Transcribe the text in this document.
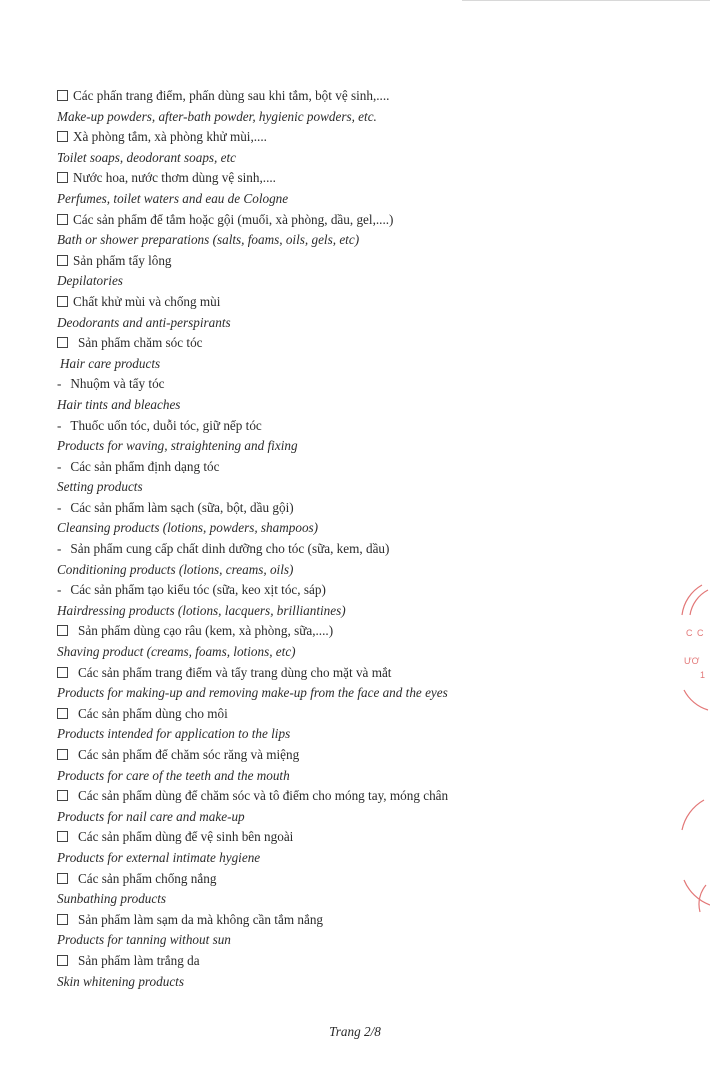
Các phấn trang điểm, phấn dùng sau khi tắm, bột vệ sinh,....
Make-up powders, after-bath powder, hygienic powders, etc.
Xà phòng tắm, xà phòng khử mùi,....
Toilet soaps, deodorant soaps, etc
Nước hoa, nước thơm dùng vệ sinh,....
Perfumes, toilet waters and eau de Cologne
Các sản phẩm để tắm hoặc gội (muối, xà phòng, dầu, gel,....)
Bath or shower preparations (salts, foams, oils, gels, etc)
Sản phẩm tẩy lông
Depilatories
Chất khử mùi và chống mùi
Deodorants and anti-perspirants
Sản phẩm chăm sóc tóc
Hair care products
- Nhuộm và tẩy tóc
Hair tints and bleaches
- Thuốc uốn tóc, duỗi tóc, giữ nếp tóc
Products for waving, straightening and fixing
- Các sản phẩm định dạng tóc
Setting products
- Các sản phẩm làm sạch (sữa, bột, dầu gội)
Cleansing products (lotions, powders, shampoos)
- Sản phẩm cung cấp chất dinh dưỡng cho tóc (sữa, kem, dầu)
Conditioning products (lotions, creams, oils)
- Các sản phẩm tạo kiểu tóc (sữa, keo xịt tóc, sáp)
Hairdressing products (lotions, lacquers, brilliantines)
Sản phẩm dùng cạo râu (kem, xà phòng, sữa,....)
Shaving product (creams, foams, lotions, etc)
Các sản phẩm trang điểm và tẩy trang dùng cho mặt và mắt
Products for making-up and removing make-up from the face and the eyes
Các sản phẩm dùng cho môi
Products intended for application to the lips
Các sản phẩm để chăm sóc răng và miệng
Products for care of the teeth and the mouth
Các sản phẩm dùng để chăm sóc và tô điểm cho móng tay, móng chân
Products for nail care and make-up
Các sản phẩm dùng để vệ sinh bên ngoài
Products for external intimate hygiene
Các sản phẩm chống nắng
Sunbathing products
Sản phẩm làm sạm da mà không cần tắm nắng
Products for tanning without sun
Sản phẩm làm trắng da
Skin whitening products
Trang 2/8
C C
ƯƠ
1
